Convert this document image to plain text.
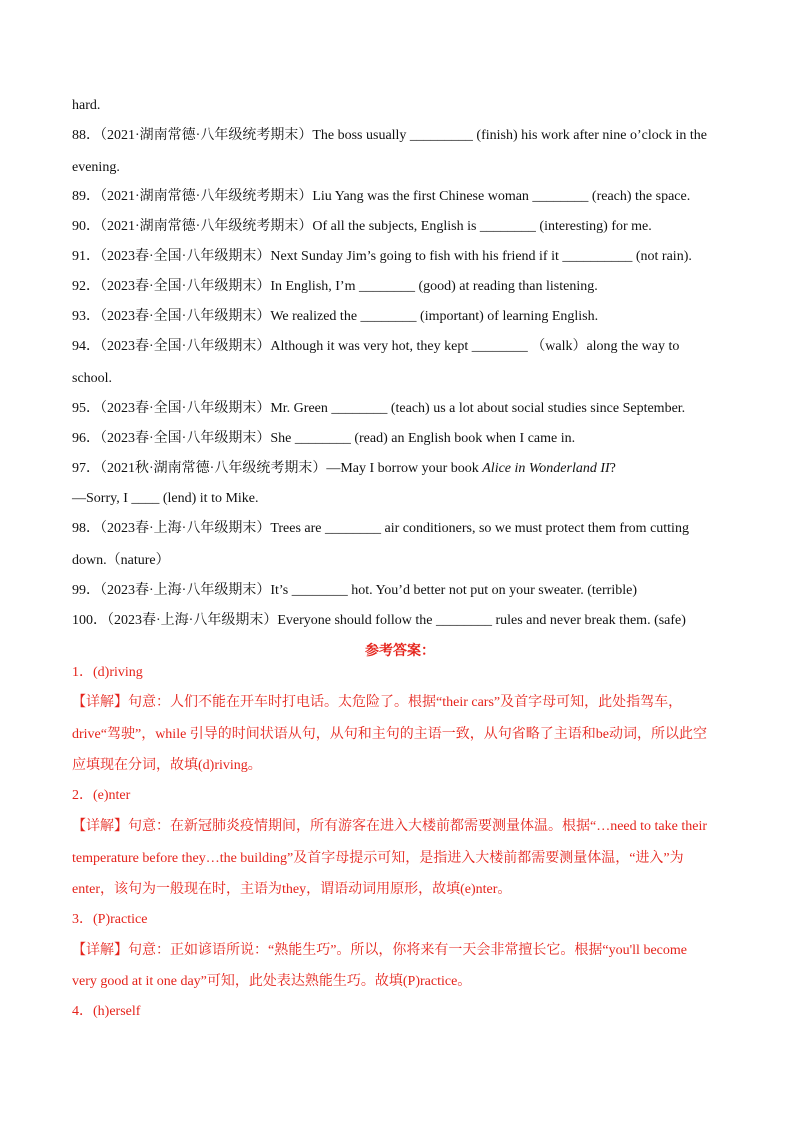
hard.
88．（2021·湖南常德·八年级统考期末）The boss usually _________ (finish) his work after nine o’clock in the
evening.
89．（2021·湖南常德·八年级统考期末）Liu Yang was the first Chinese woman ________ (reach) the space.
90．（2021·湖南常德·八年级统考期末）Of all the subjects, English is ________ (interesting) for me.
91．（2023春·全国·八年级期末）Next Sunday Jim’s going to fish with his friend if it __________ (not rain).
92．（2023春·全国·八年级期末）In English, I’m ________ (good) at reading than listening.
93．（2023春·全国·八年级期末）We realized the ________ (important) of learning English.
94．（2023春·全国·八年级期末）Although it was very hot, they kept ________ （walk）along the way to
school.
95．（2023春·全国·八年级期末）Mr. Green ________ (teach) us a lot about social studies since September.
96．（2023春·全国·八年级期末）She ________ (read) an English book when I came in.
97．（2021秋·湖南常德·八年级统考期末）—May I borrow your book Alice in Wonderland II?
—Sorry, I ____ (lend) it to Mike.
98．（2023春·上海·八年级期末）Trees are ________ air conditioners, so we must protect them from cutting
down.（nature）
99．（2023春·上海·八年级期末）It’s ________ hot. You’d better not put on your sweater. (terrible)
100．（2023春·上海·八年级期末）Everyone should follow the ________ rules and never break them. (safe)
参考答案：
1．(d)riving
【详解】句意：人们不能在开车时打电话。太危险了。根据“their cars”及首字母可知，此处指驾车，
drive“驾驶”，while 引导的时间状语从句，从句和主句的主语一致，从句省略了主语和be动词，所以此空
应填现在分词，故填(d)riving。
2．(e)nter
【详解】句意：在新冠肺炎疫情期间，所有游客在进入大楼前都需要测量体温。根据“…need to take their
temperature before they…the building”及首字母提示可知，是指进入大楼前都需要测量体温，“进入”为
enter，该句为一般现在时，主语为they，谓语动词用原形，故填(e)nter。
3．(P)ractice
【详解】句意：正如谚语所说：“熟能生巧”。所以，你将来有一天会非常擅长它。根据“you'll become
very good at it one day”可知，此处表达熟能生巧。故填(P)ractice。
4．(h)erself
